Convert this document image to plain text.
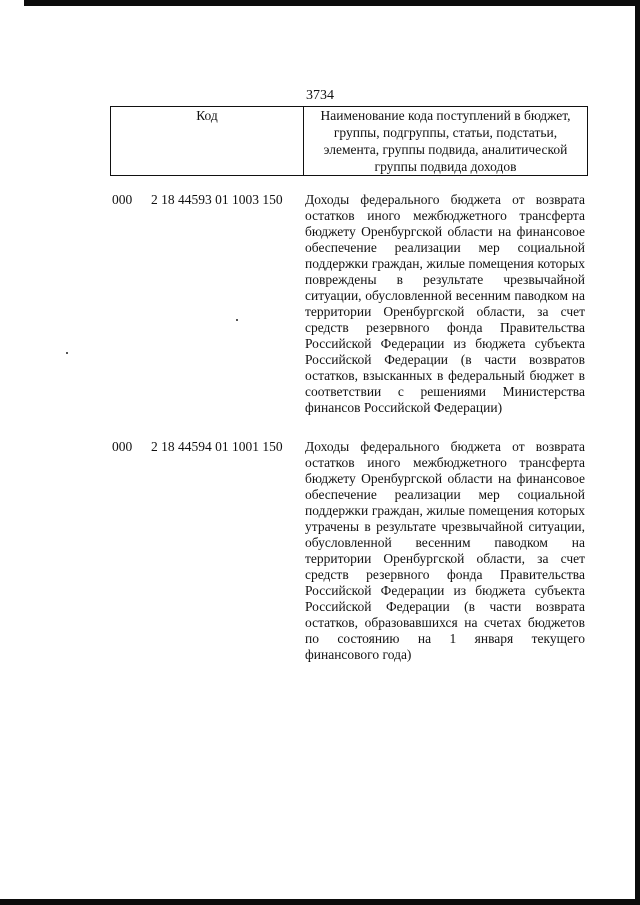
3734
Код	Наименование кода поступлений в бюджет, группы, подгруппы, статьи, подстатьи, элемента, группы подвида, аналитической группы подвида доходов
000	2 18 44593 01 1003 150	Доходы федерального бюджета от возврата остатков иного межбюджетного трансферта бюджету Оренбургской области на финансовое обеспечение реализации мер социальной поддержки граждан, жилые помещения которых повреждены в результате чрезвычайной ситуации, обусловленной весенним паводком на территории Оренбургской области, за счет средств резервного фонда Правительства Российской Федерации из бюджета субъекта Российской Федерации (в части возвратов остатков, взысканных в федеральный бюджет в соответствии с решениями Министерства финансов Российской Федерации)
000	2 18 44594 01 1001 150	Доходы федерального бюджета от возврата остатков иного межбюджетного трансферта бюджету Оренбургской области на финансовое обеспечение реализации мер социальной поддержки граждан, жилые помещения которых утрачены в результате чрезвычайной ситуации, обусловленной весенним паводком на территории Оренбургской области, за счет средств резервного фонда Правительства Российской Федерации из бюджета субъекта Российской Федерации (в части возврата остатков, образовавшихся на счетах бюджетов по состоянию на 1 января текущего финансового года)
